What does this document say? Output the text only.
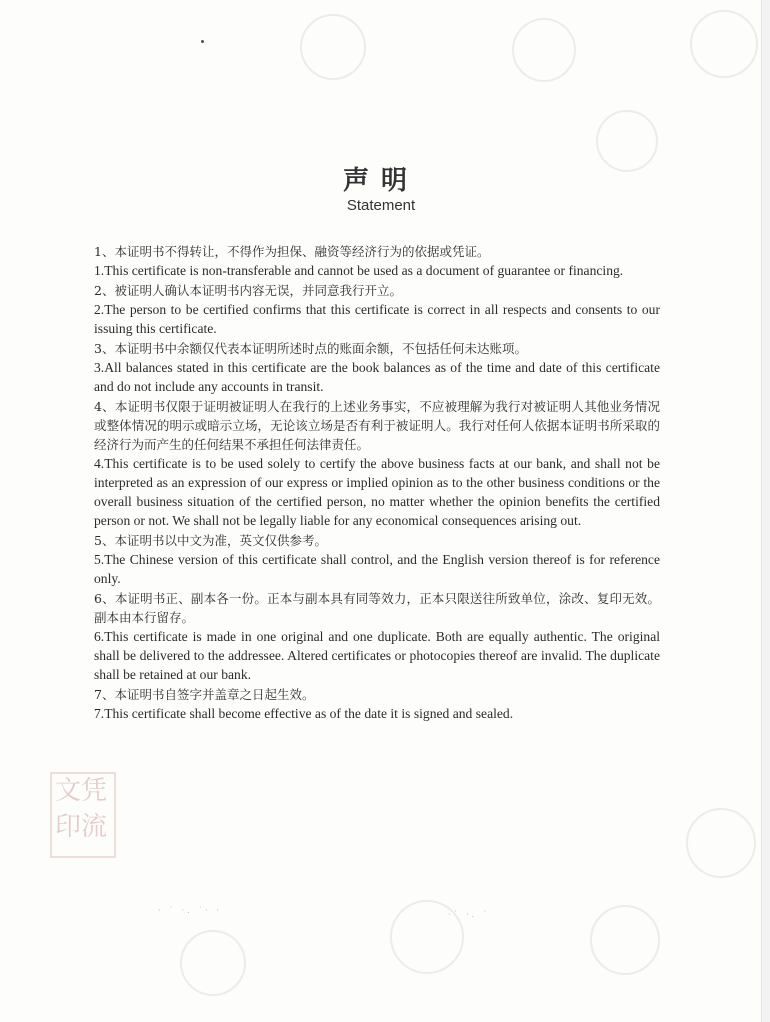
声明
Statement

1、本证明书不得转让，不得作为担保、融资等经济行为的依据或凭证。

1.This certificate is non-transferable and cannot be used as a document of guarantee or financing.

2、被证明人确认本证明书内容无误，并同意我行开立。

2.The person to be certified confirms that this certificate is correct in all respects and consents to our issuing this certificate.

3、本证明书中余额仅代表本证明所述时点的账面余额，不包括任何未达账项。

3.All balances stated in this certificate are the book balances as of the time and date of this certificate and do not include any accounts in transit.

4、本证明书仅限于证明被证明人在我行的上述业务事实，不应被理解为我行对被证明人其他业务情况或整体情况的明示或暗示立场，无论该立场是否有利于被证明人。我行对任何人依据本证明书所采取的经济行为而产生的任何结果不承担任何法律责任。

4.This certificate is to be used solely to certify the above business facts at our bank, and shall not be interpreted as an expression of our express or implied opinion as to the other business conditions or the overall business situation of the certified person, no matter whether the opinion benefits the certified person or not. We shall not be legally liable for any economical consequences arising out.

5、本证明书以中文为准，英文仅供参考。

5.The Chinese version of this certificate shall control, and the English version thereof is for reference only.

6、本证明书正、副本各一份。正本与副本具有同等效力，正本只限送往所致单位，涂改、复印无效。副本由本行留存。

6.This certificate is made in one original and one duplicate. Both are equally authentic. The original shall be delivered to the addressee. Altered certificates or photocopies thereof are invalid. The duplicate shall be retained at our bank.

7、本证明书自签字并盖章之日起生效。

7.This certificate shall become effective as of the date it is signed and sealed.

文凭印流
· ˙ ·. ˙· ·	·˙ ·. ˙
